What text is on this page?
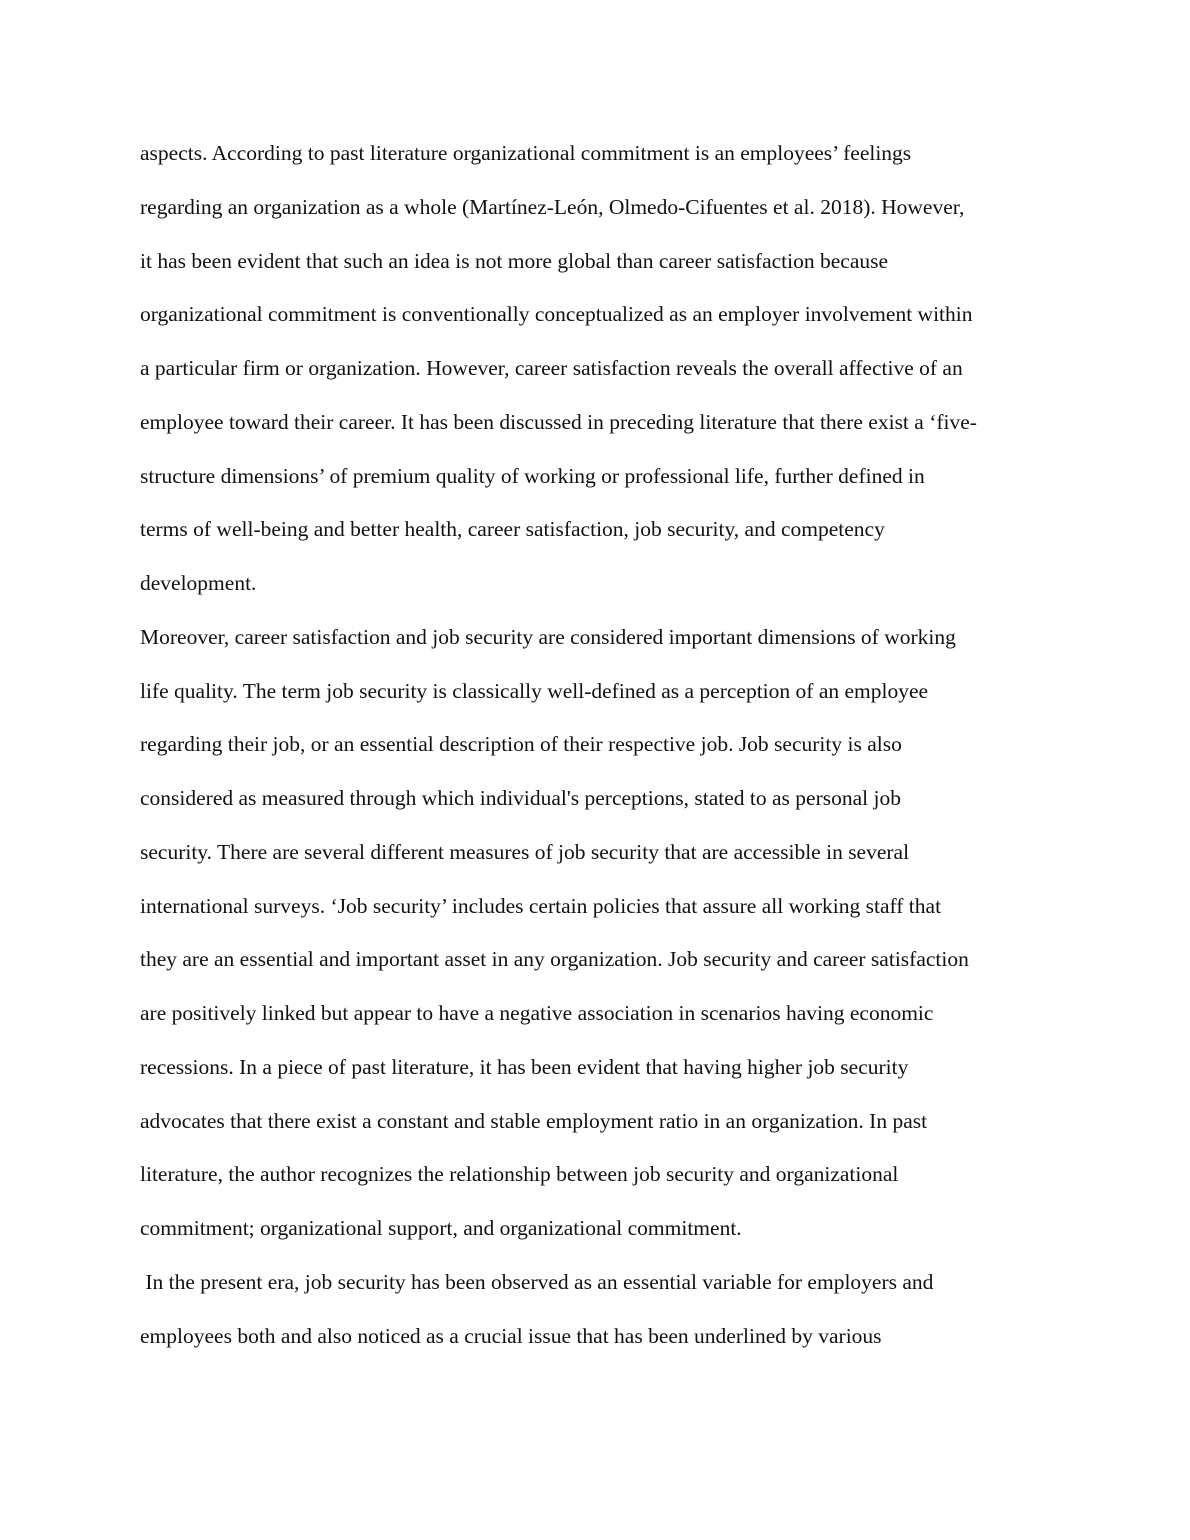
aspects. According to past literature organizational commitment is an employees’ feelings
regarding an organization as a whole (Martínez-León, Olmedo-Cifuentes et al. 2018). However,
it has been evident that such an idea is not more global than career satisfaction because
organizational commitment is conventionally conceptualized as an employer involvement within
a particular firm or organization. However, career satisfaction reveals the overall affective of an
employee toward their career. It has been discussed in preceding literature that there exist a ‘five-
structure dimensions’ of premium quality of working or professional life, further defined in
terms of well-being and better health, career satisfaction, job security, and competency
development.
Moreover, career satisfaction and job security are considered important dimensions of working
life quality. The term job security is classically well-defined as a perception of an employee
regarding their job, or an essential description of their respective job. Job security is also
considered as measured through which individual's perceptions, stated to as personal job
security. There are several different measures of job security that are accessible in several
international surveys. ‘Job security’ includes certain policies that assure all working staff that
they are an essential and important asset in any organization. Job security and career satisfaction
are positively linked but appear to have a negative association in scenarios having economic
recessions. In a piece of past literature, it has been evident that having higher job security
advocates that there exist a constant and stable employment ratio in an organization. In past
literature, the author recognizes the relationship between job security and organizational
commitment; organizational support, and organizational commitment.
In the present era, job security has been observed as an essential variable for employers and
employees both and also noticed as a crucial issue that has been underlined by various
